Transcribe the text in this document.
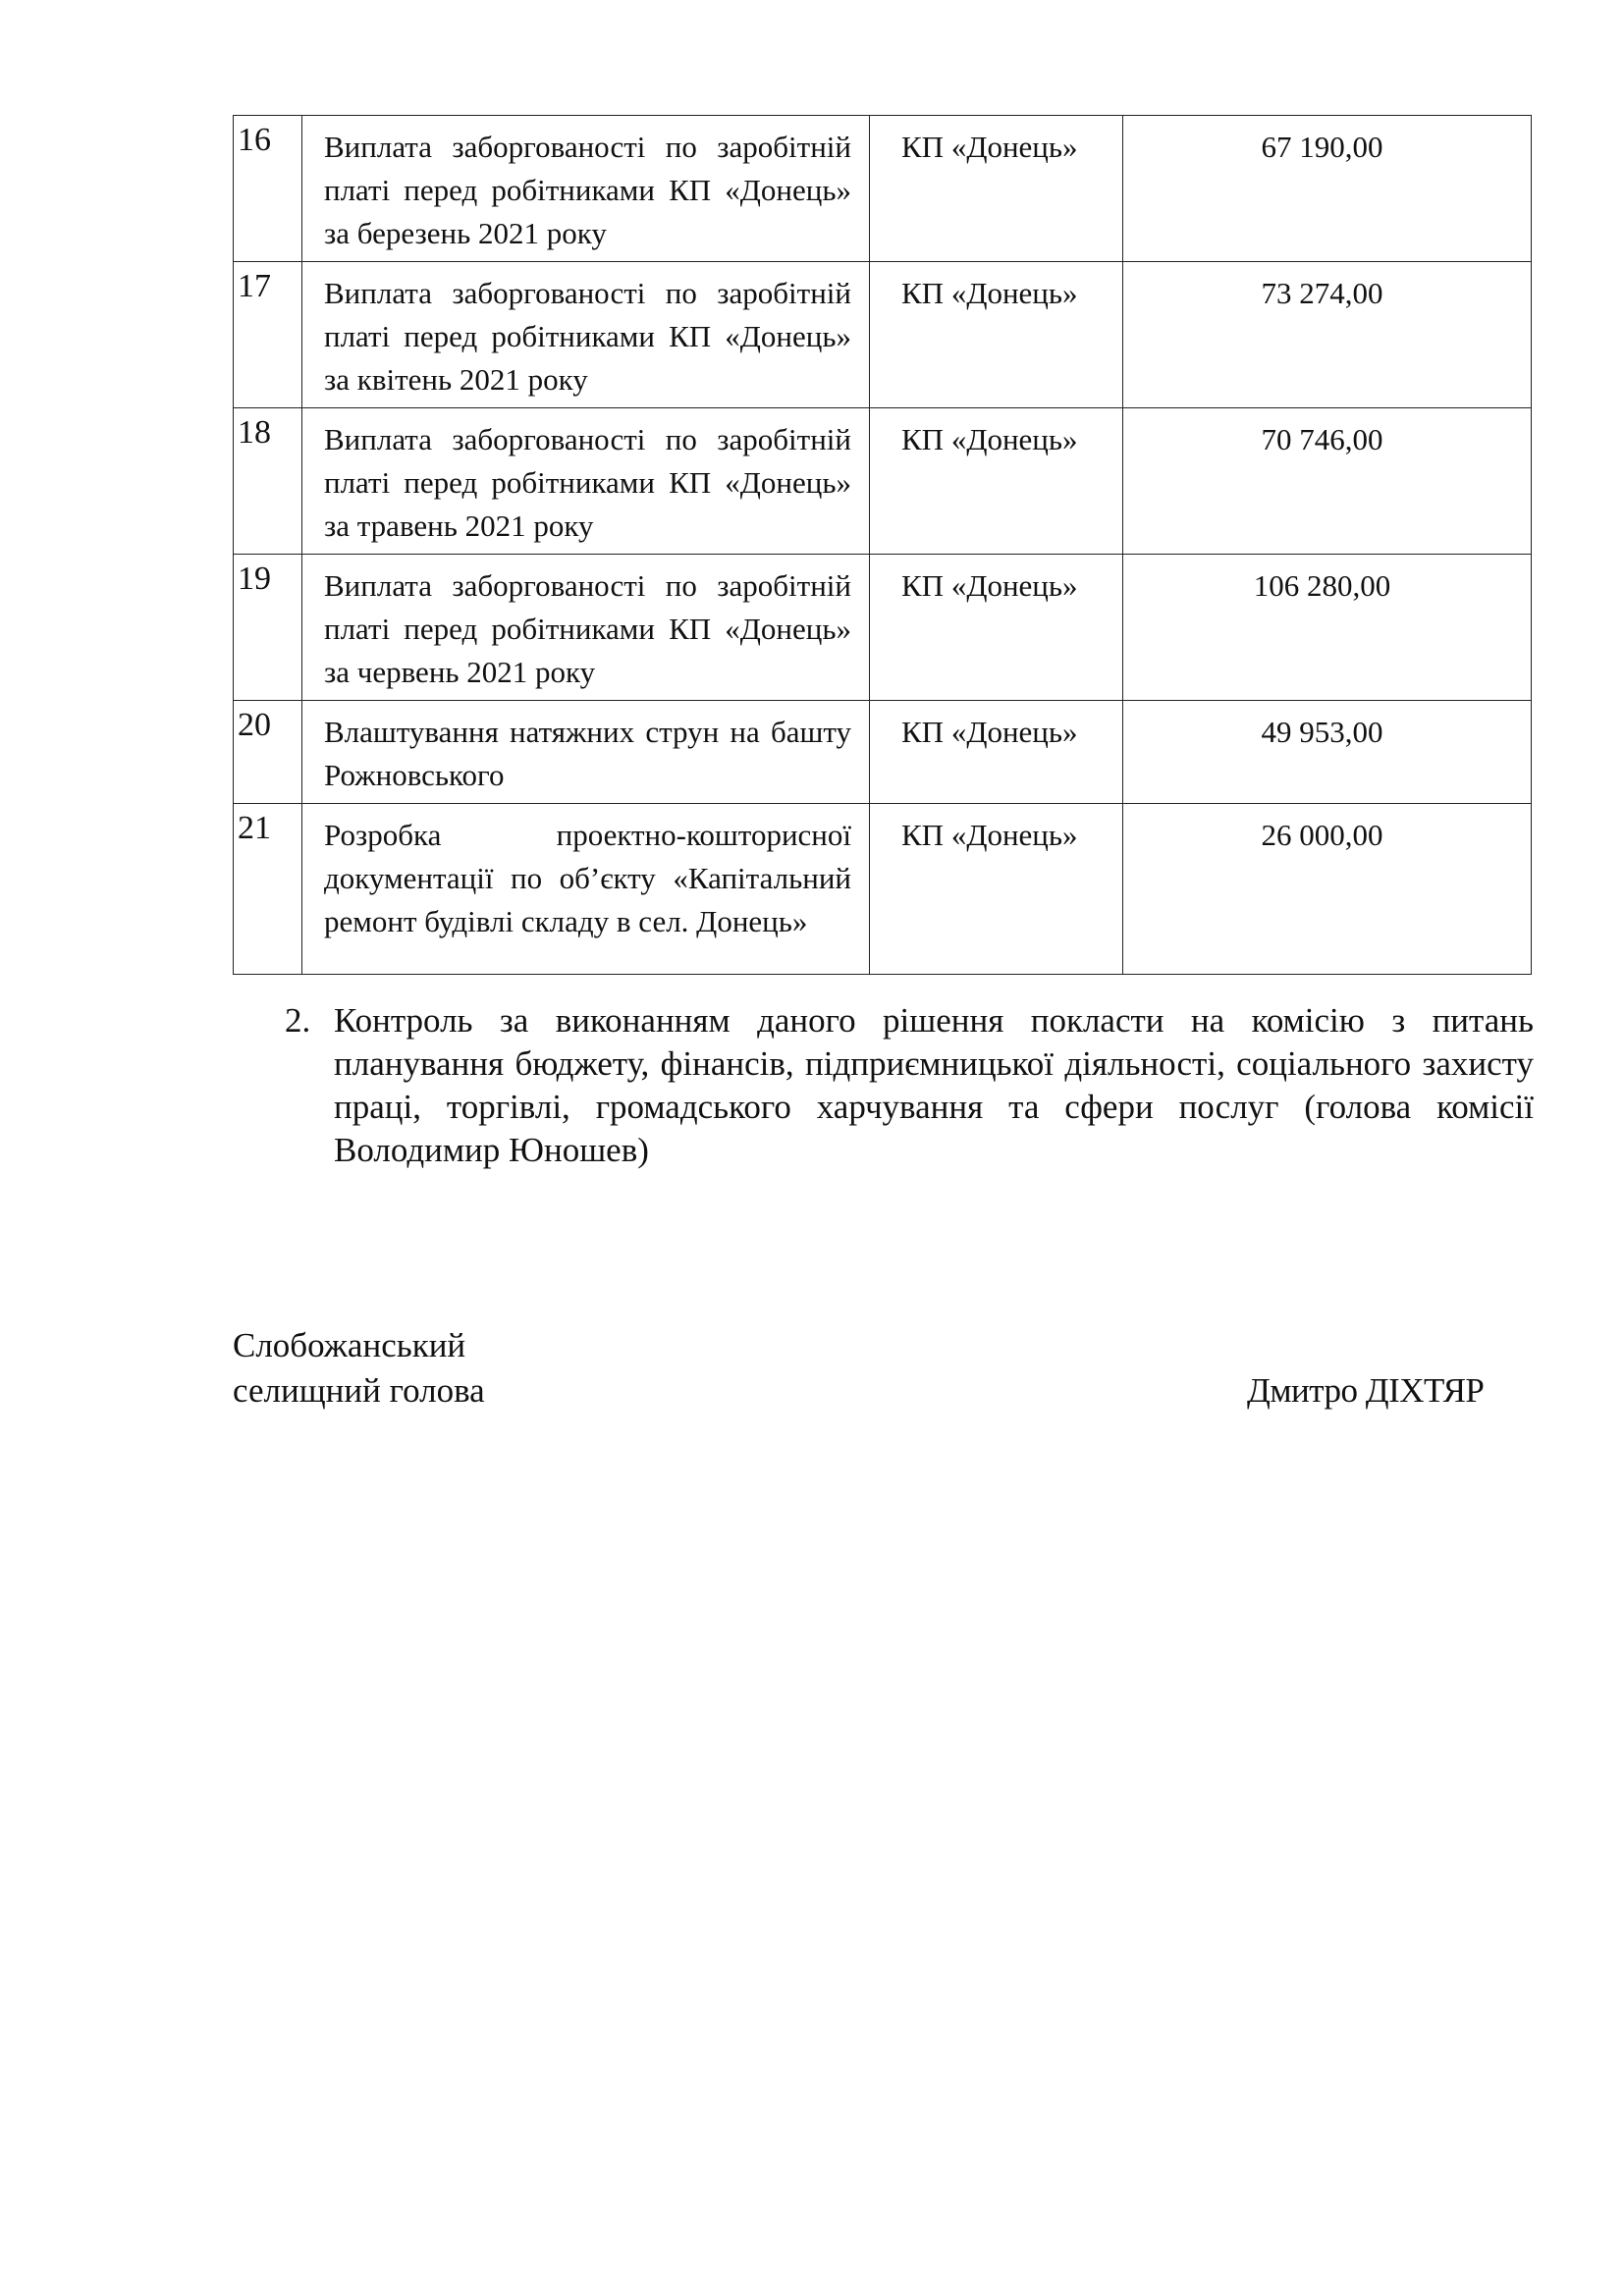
16	Виплата заборгованості по заробітній платі перед робітниками КП «Донець» за березень 2021 року	КП «Донець»	67 190,00
17	Виплата заборгованості по заробітній платі перед робітниками КП «Донець» за квітень 2021 року	КП «Донець»	73 274,00
18	Виплата заборгованості по заробітній платі перед робітниками КП «Донець» за травень 2021 року	КП «Донець»	70 746,00
19	Виплата заборгованості по заробітній платі перед робітниками КП «Донець» за червень 2021 року	КП «Донець»	106 280,00
20	Влаштування натяжних струн на башту Рожновського	КП «Донець»	49 953,00
21	Розробка проектно-кошторисної документації по об’єкту «Капітальний ремонт будівлі складу в сел. Донець»	КП «Донець»	26 000,00
2. Контроль за виконанням даного рішення покласти на комісію з питань планування бюджету, фінансів, підприємницької діяльності, соціального захисту праці, торгівлі, громадського харчування та сфери послуг (голова комісії Володимир Юношев)
Слобожанський
селищний голова	Дмитро ДІХТЯР
